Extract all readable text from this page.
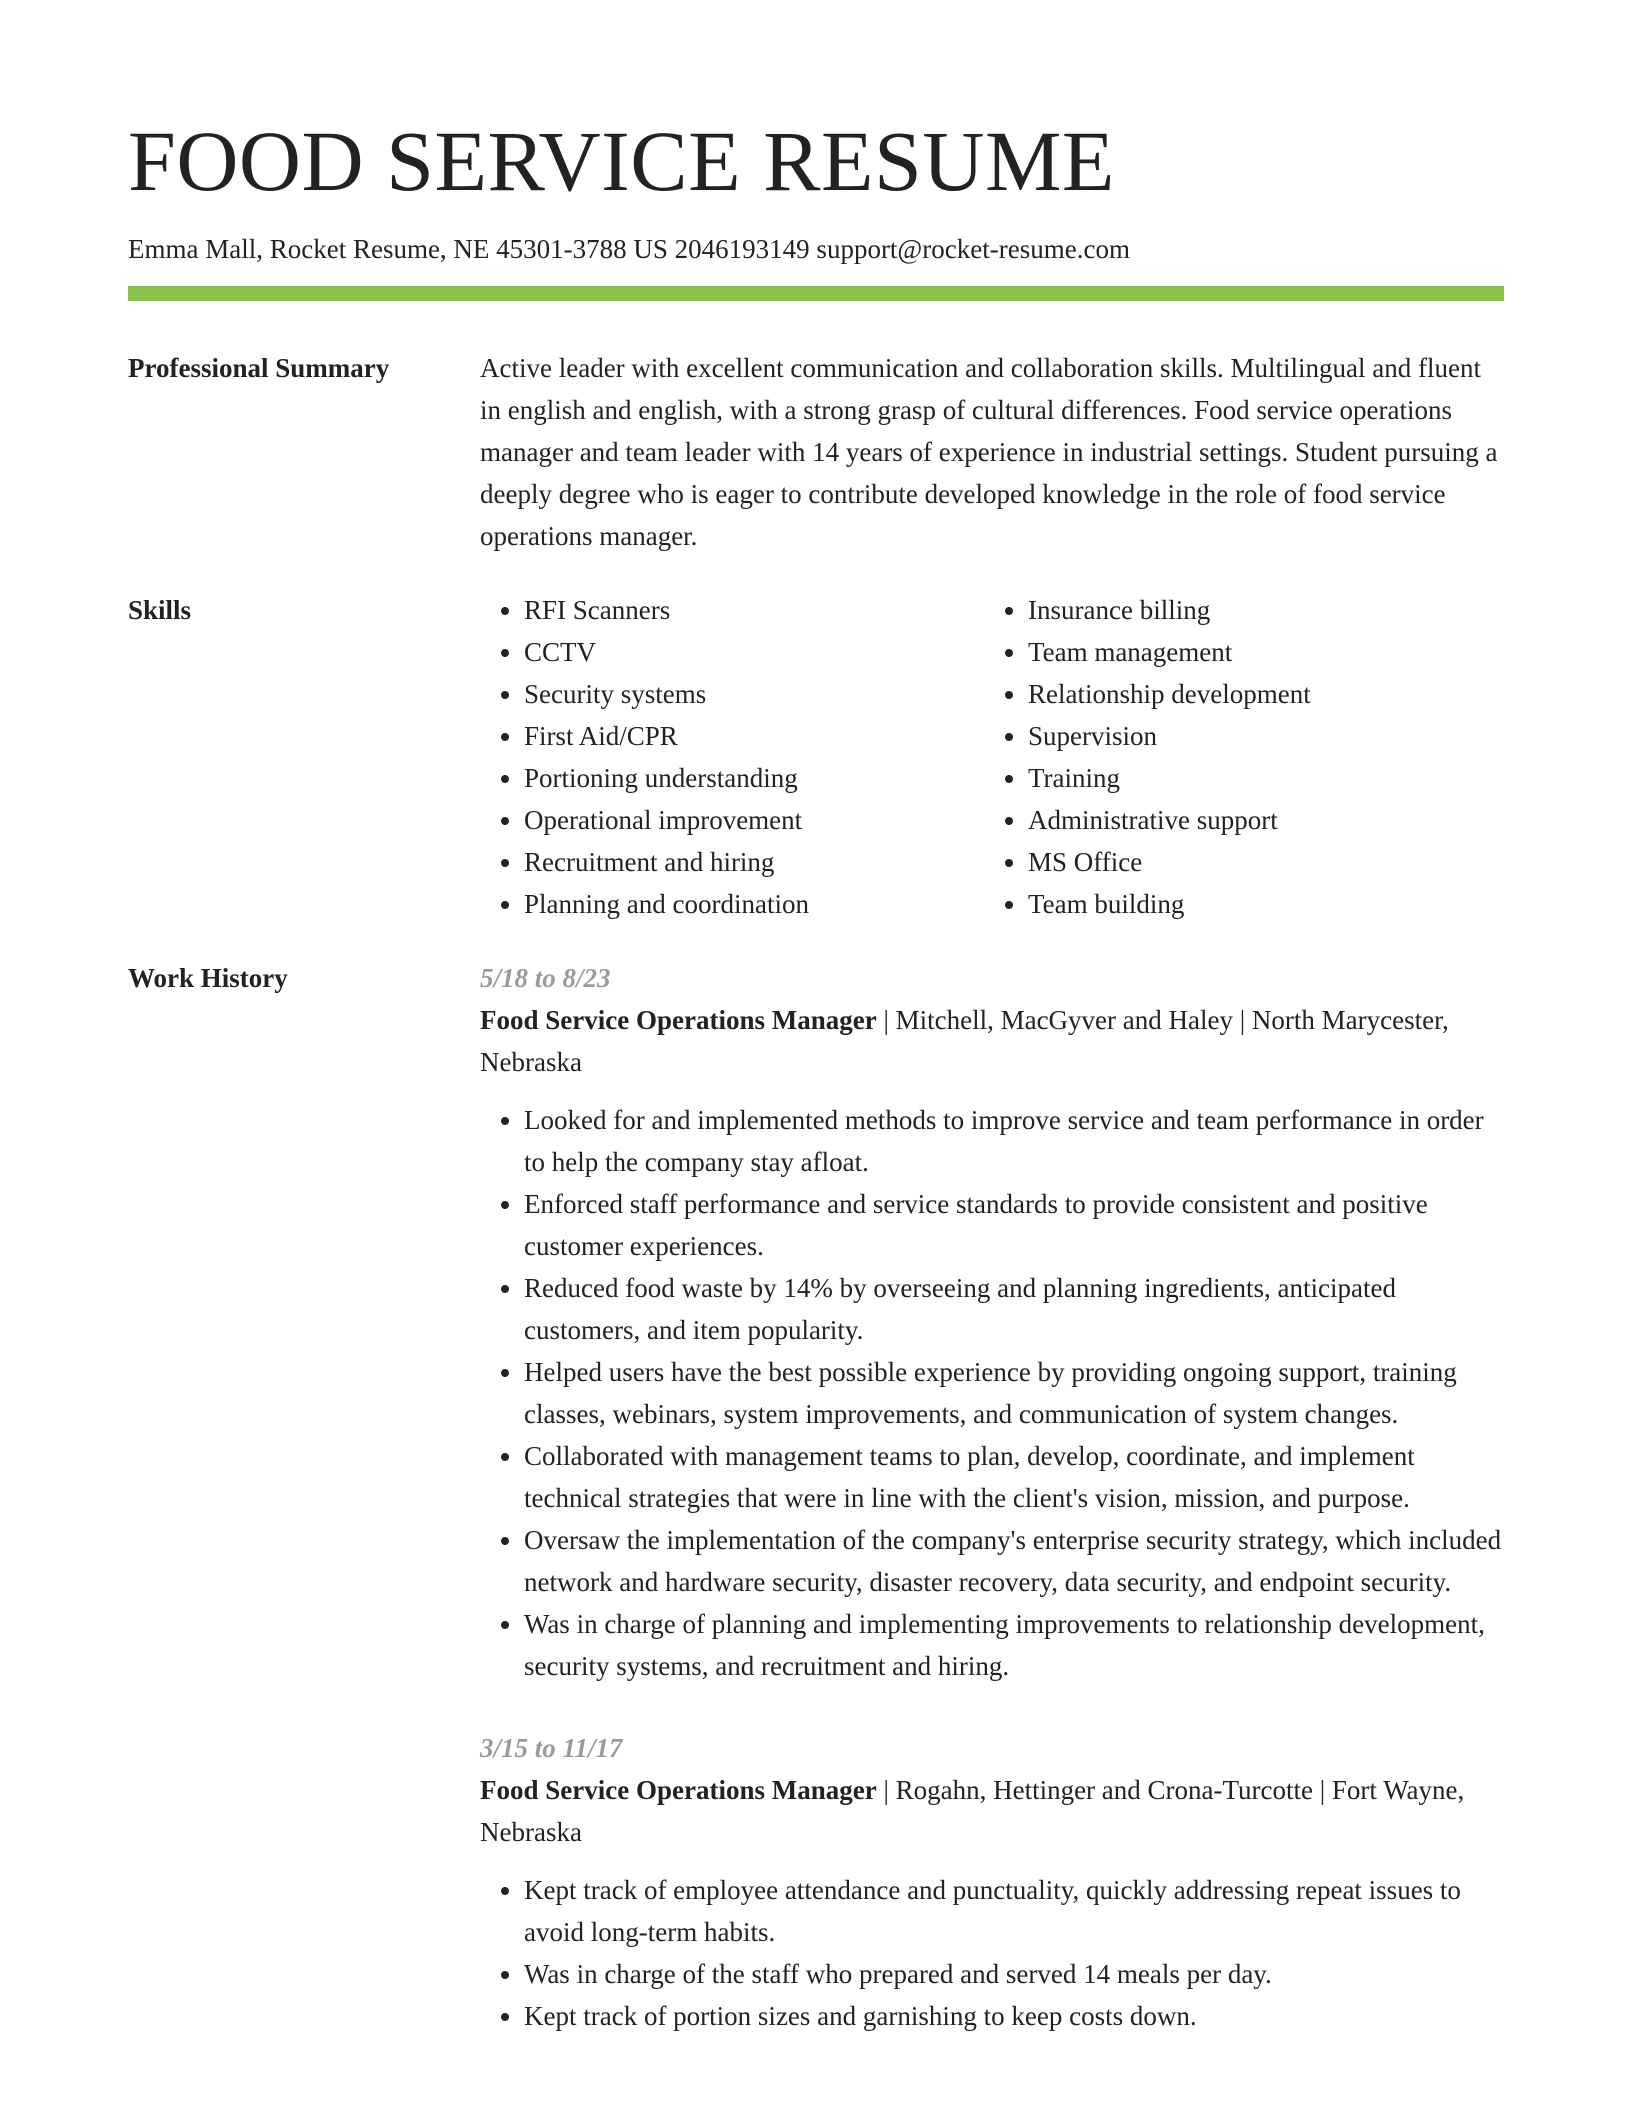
FOOD SERVICE RESUME
Emma Mall, Rocket Resume, NE 45301-3788 US 2046193149 support@rocket-resume.com
Professional Summary	Active leader with excellent communication and collaboration skills. Multilingual and fluent in english and english, with a strong grasp of cultural differences. Food service operations manager and team leader with 14 years of experience in industrial settings. Student pursuing a deeply degree who is eager to contribute developed knowledge in the role of food service operations manager.

Skills
•	RFI Scanners
• CCTV
• Security systems
• First Aid/CPR
• Portioning understanding
• Operational improvement
• Recruitment and hiring
• Planning and coordination
• Insurance billing
• Team management
• Relationship development
• Supervision
• Training
• Administrative support
• MS Office
• Team building
Work History	5/18 to 8/23
Food Service Operations Manager | Mitchell, MacGyver and Haley | North Marycester, Nebraska
• Looked for and implemented methods to improve service and team performance in order to help the company stay afloat.
• Enforced staff performance and service standards to provide consistent and positive customer experiences.
• Reduced food waste by 14% by overseeing and planning ingredients, anticipated customers, and item popularity.
• Helped users have the best possible experience by providing ongoing support, training classes, webinars, system improvements, and communication of system changes.
• Collaborated with management teams to plan, develop, coordinate, and implement technical strategies that were in line with the client's vision, mission, and purpose.
• Oversaw the implementation of the company's enterprise security strategy, which included network and hardware security, disaster recovery, data security, and endpoint security.
• Was in charge of planning and implementing improvements to relationship development, security systems, and recruitment and hiring.
3/15 to 11/17
Food Service Operations Manager | Rogahn, Hettinger and Crona-Turcotte | Fort Wayne, Nebraska
• Kept track of employee attendance and punctuality, quickly addressing repeat issues to avoid long-term habits.
• Was in charge of the staff who prepared and served 14 meals per day.
• Kept track of portion sizes and garnishing to keep costs down.
